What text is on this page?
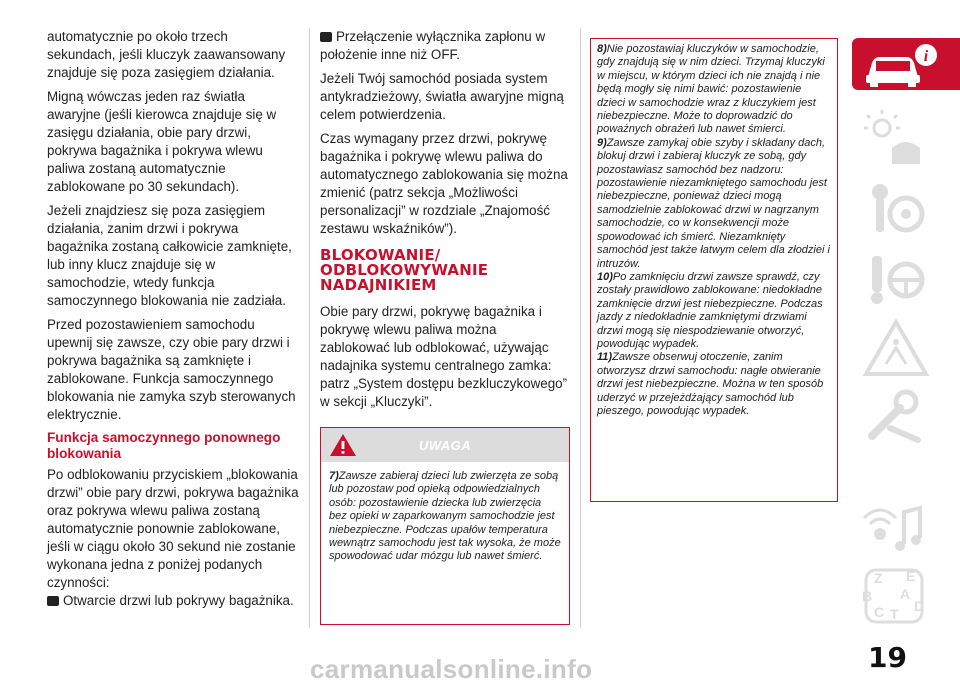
automatycznie po około trzech sekundach, jeśli kluczyk zaawansowany znajduje się poza zasięgiem działania.

Migną wówczas jeden raz światła awaryjne (jeśli kierowca znajduje się w zasięgu działania, obie pary drzwi, pokrywa bagażnika i pokrywa wlewu paliwa zostaną automatycznie zablokowane po 30 sekundach).

Jeżeli znajdziesz się poza zasięgiem działania, zanim drzwi i pokrywa bagażnika zostaną całkowicie zamknięte, lub inny klucz znajduje się w samochodzie, wtedy funkcja samoczynnego blokowania nie zadziała.

Przed pozostawieniem samochodu upewnij się zawsze, czy obie pary drzwi i pokrywa bagażnika są zamknięte i zablokowane. Funkcja samoczynnego blokowania nie zamyka szyb sterowanych elektrycznie.

Funkcja samoczynnego ponownego blokowania

Po odblokowaniu przyciskiem „blokowania drzwi” obie pary drzwi, pokrywa bagażnika oraz pokrywa wlewu paliwa zostaną automatycznie ponownie zablokowane, jeśli w ciągu około 30 sekund nie zostanie wykonana jedna z poniżej podanych czynności:

Otwarcie drzwi lub pokrywy bagażnika.

Przełączenie wyłącznika zapłonu w położenie inne niż OFF.

Jeżeli Twój samochód posiada system antykradzieżowy, światła awaryjne migną celem potwierdzenia.

Czas wymagany przez drzwi, pokrywę bagażnika i pokrywę wlewu paliwa do automatycznego zablokowania się można zmienić (patrz sekcja „Możliwości personalizacji” w rozdziale „Znajomość zestawu wskaźników”).

BLOKOWANIE/
ODBLOKOWYWANIE
NADAJNIKIEM

Obie pary drzwi, pokrywę bagażnika i pokrywę wlewu paliwa można zablokować lub odblokować, używając nadajnika systemu centralnego zamka: patrz „System dostępu bezkluczykowego” w sekcji „Kluczyki”.

UWAGA
7)Zawsze zabieraj dzieci lub zwierzęta ze sobą lub pozostaw pod opieką odpowiedzialnych osób: pozostawienie dziecka lub zwierzęcia bez opieki w zaparkowanym samochodzie jest niebezpieczne. Podczas upałów temperatura wewnątrz samochodu jest tak wysoka, że może spowodować udar mózgu lub nawet śmierć.

8)Nie pozostawiaj kluczyków w samochodzie, gdy znajdują się w nim dzieci. Trzymaj kluczyki w miejscu, w którym dzieci ich nie znajdą i nie będą mogły się nimi bawić: pozostawienie dzieci w samochodzie wraz z kluczykiem jest niebezpieczne. Może to doprowadzić do poważnych obrażeń lub nawet śmierci.

9)Zawsze zamykaj obie szyby i składany dach, blokuj drzwi i zabieraj kluczyk ze sobą, gdy pozostawiasz samochód bez nadzoru: pozostawienie niezamkniętego samochodu jest niebezpieczne, ponieważ dzieci mogą samodzielnie zablokować drzwi w nagrzanym samochodzie, co w konsekwencji może spowodować ich śmierć. Niezamknięty samochód jest także łatwym celem dla złodziei i intruzów.

10)Po zamknięciu drzwi zawsze sprawdź, czy zostały prawidłowo zablokowane: niedokładne zamknięcie drzwi jest niebezpieczne. Podczas jazdy z niedokładnie zamkniętymi drzwiami drzwi mogą się niespodziewanie otworzyć, powodując wypadek.

11)Zawsze obserwuj otoczenie, zanim otworzysz drzwi samochodu: nagłe otwieranie drzwi jest niebezpieczne. Można w ten sposób uderzyć w przejeżdżający samochód lub pieszego, powodując wypadek.

i
Z E
B A
C T D
19
carmanualsonline.info
